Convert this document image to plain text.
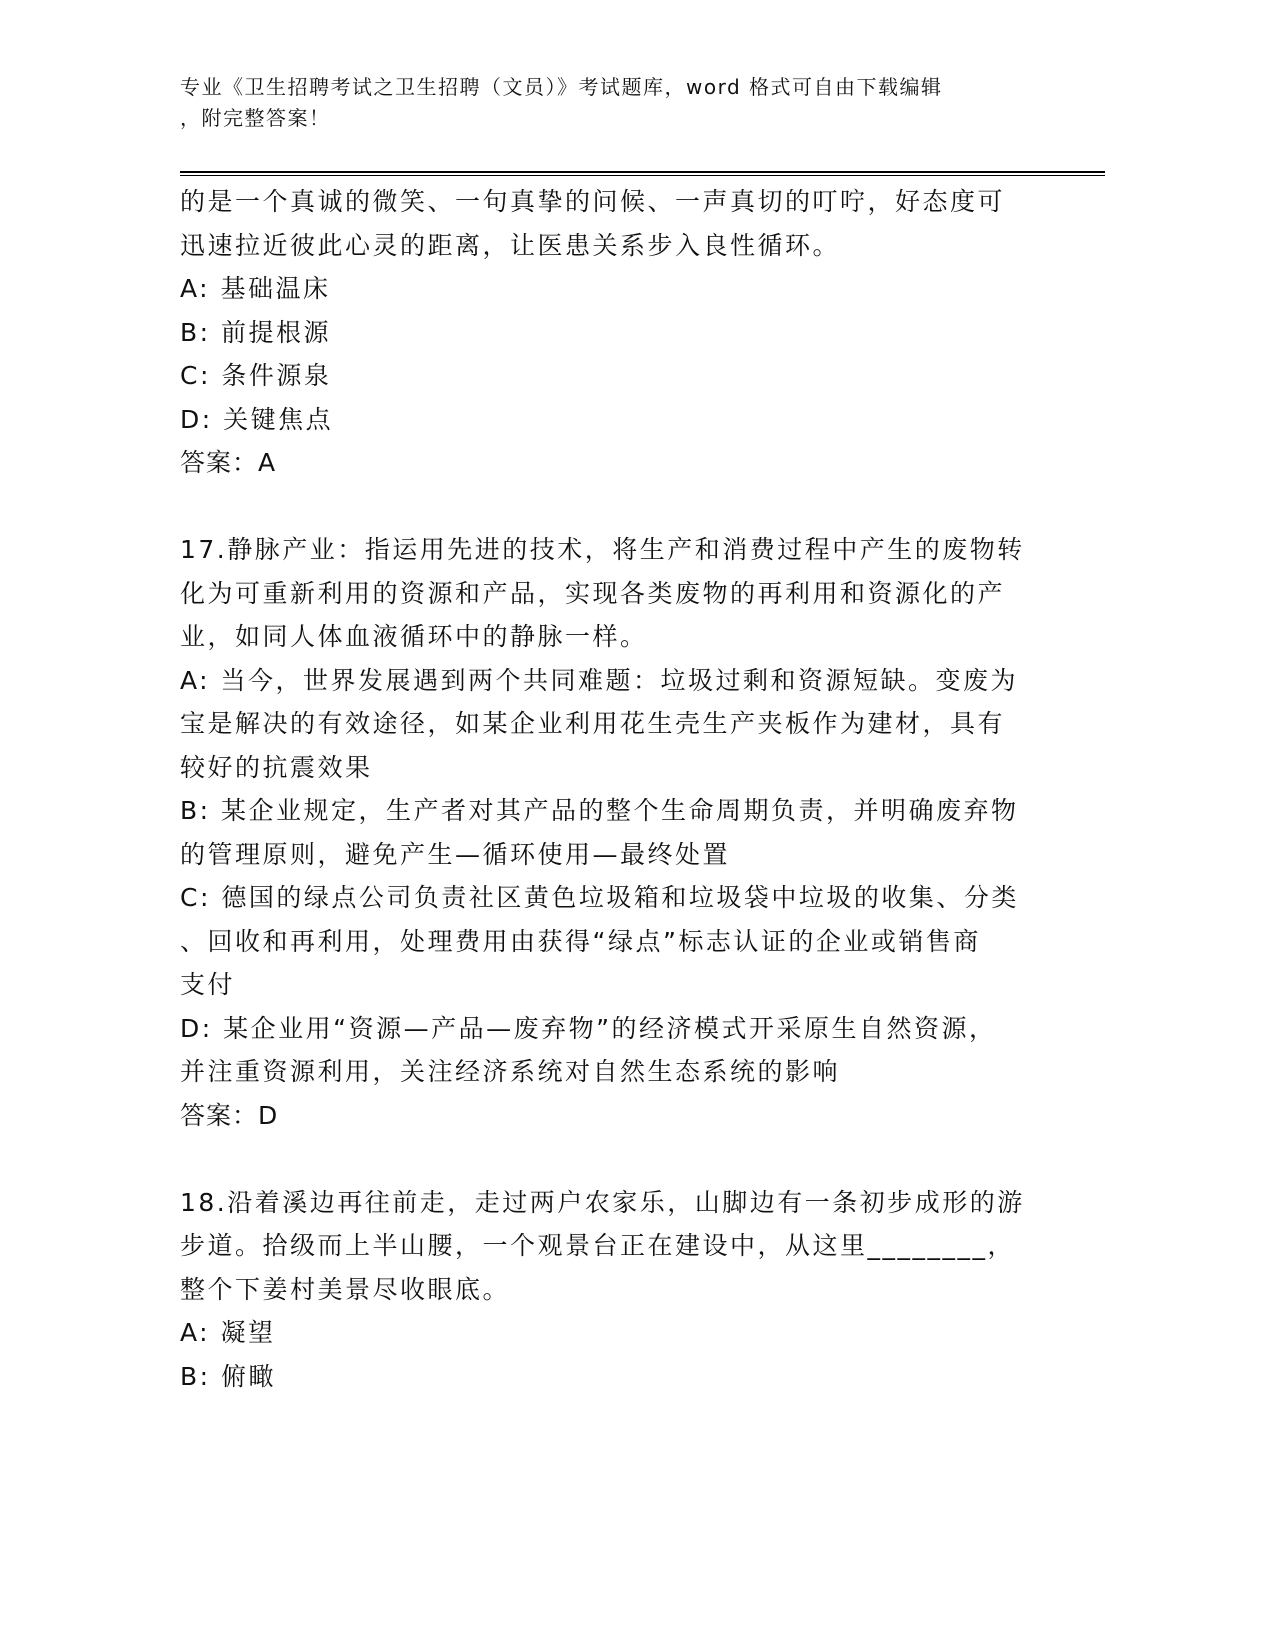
专业《卫生招聘考试之卫生招聘（文员）》考试题库，word 格式可自由下载编辑
，附完整答案！
的是一个真诚的微笑、一句真挚的问候、一声真切的叮咛，好态度可
迅速拉近彼此心灵的距离，让医患关系步入良性循环。
A: 基础温床
B: 前提根源
C: 条件源泉
D: 关键焦点
答案：A
17.静脉产业：指运用先进的技术，将生产和消费过程中产生的废物转
化为可重新利用的资源和产品，实现各类废物的再利用和资源化的产
业，如同人体血液循环中的静脉一样。
A: 当今，世界发展遇到两个共同难题：垃圾过剩和资源短缺。变废为
宝是解决的有效途径，如某企业利用花生壳生产夹板作为建材，具有
较好的抗震效果
B: 某企业规定，生产者对其产品的整个生命周期负责，并明确废弃物
的管理原则，避免产生—循环使用—最终处置
C: 德国的绿点公司负责社区黄色垃圾箱和垃圾袋中垃圾的收集、分类
、回收和再利用，处理费用由获得“绿点”标志认证的企业或销售商
支付
D: 某企业用“资源—产品—废弃物”的经济模式开采原生自然资源，
并注重资源利用，关注经济系统对自然生态系统的影响
答案：D
18.沿着溪边再往前走，走过两户农家乐，山脚边有一条初步成形的游
步道。拾级而上半山腰，一个观景台正在建设中，从这里________，
整个下姜村美景尽收眼底。
A: 凝望
B: 俯瞰
